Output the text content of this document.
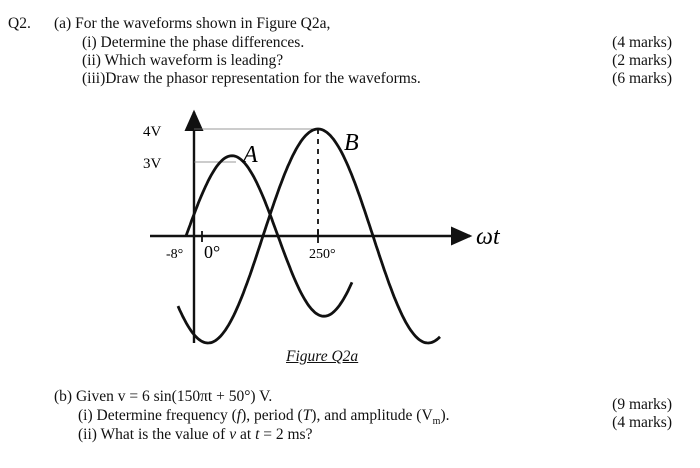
Q2. (a) For the waveforms shown in Figure Q2a,
(i) Determine the phase differences.
(ii) Which waveform is leading?
(iii)Draw the phasor representation for the waveforms.
(4 marks)
(2 marks)
(6 marks)
4V
3V
-8° 0°	250°
A	B
ωt
Figure Q2a
(b) Given v = 6 sin(150πt + 50°) V.
(i) Determine frequency (f), period (T), and amplitude $(V_m)$.
(ii) What is the value of v at t = 2 ms?
(9 marks)
(4 marks)
